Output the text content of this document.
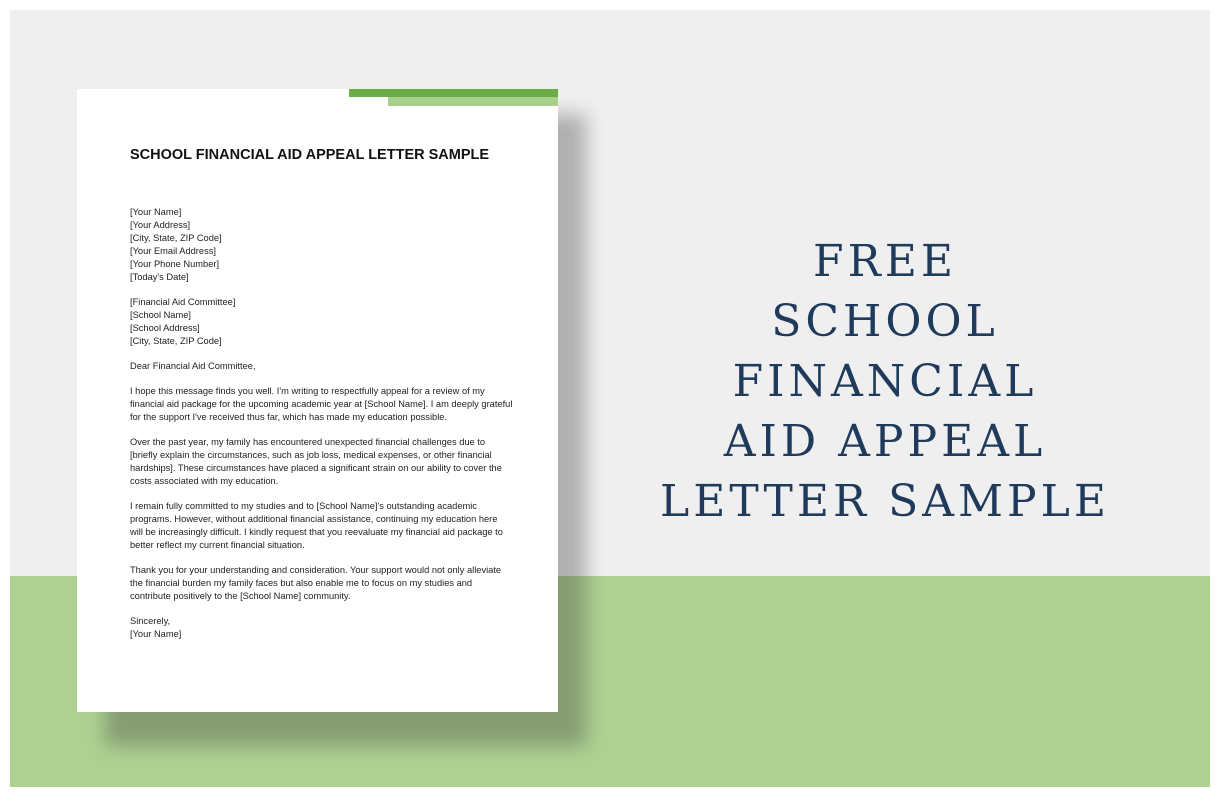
SCHOOL FINANCIAL AID APPEAL LETTER SAMPLE
[Your Name]
[Your Address]
[City, State, ZIP Code]
[Your Email Address]
[Your Phone Number]
[Today's Date]
[Financial Aid Committee]
[School Name]
[School Address]
[City, State, ZIP Code]
Dear Financial Aid Committee,
I hope this message finds you well. I'm writing to respectfully appeal for a review of my
financial aid package for the upcoming academic year at [School Name]. I am deeply grateful
for the support I've received thus far, which has made my education possible.
Over the past year, my family has encountered unexpected financial challenges due to
[briefly explain the circumstances, such as job loss, medical expenses, or other financial
hardships]. These circumstances have placed a significant strain on our ability to cover the
costs associated with my education.
I remain fully committed to my studies and to [School Name]'s outstanding academic
programs. However, without additional financial assistance, continuing my education here
will be increasingly difficult. I kindly request that you reevaluate my financial aid package to
better reflect my current financial situation.
Thank you for your understanding and consideration. Your support would not only alleviate
the financial burden my family faces but also enable me to focus on my studies and
contribute positively to the [School Name] community.
Sincerely,
[Your Name]
FREE
SCHOOL
FINANCIAL
AID APPEAL
LETTER SAMPLE
